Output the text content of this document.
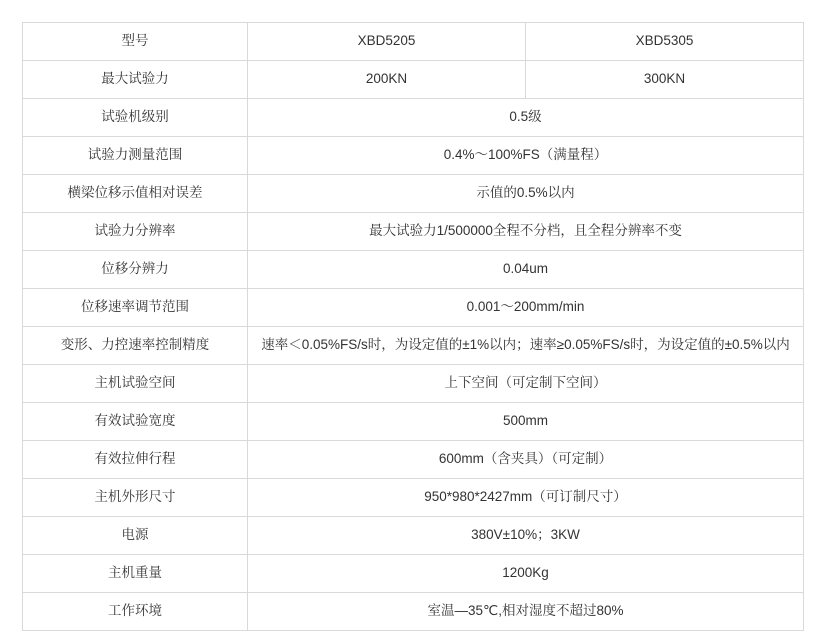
型号	XBD5205	XBD5305
最大试验力	200KN	300KN
试验机级别	0.5级	
试验力测量范围	0.4%～100%FS（满量程）	
横梁位移示值相对误差	示值的0.5%以内	
试验力分辨率	最大试验力1/500000全程不分档，且全程分辨率不变	
位移分辨力	0.04um	
位移速率调节范围	0.001～200mm/min	
变形、力控速率控制精度	速率＜0.05%FS/s时，为设定值的±1%以内；速率≥0.05%FS/s时，为设定值的±0.5%以内	
主机试验空间	上下空间（可定制下空间）	
有效试验宽度	500mm	
有效拉伸行程	600mm（含夹具）（可定制）	
主机外形尺寸	950*980*2427mm（可订制尺寸）	
电源	380V±10%；3KW	
主机重量	1200Kg	
工作环境	室温—35℃,相对湿度不超过80%	
